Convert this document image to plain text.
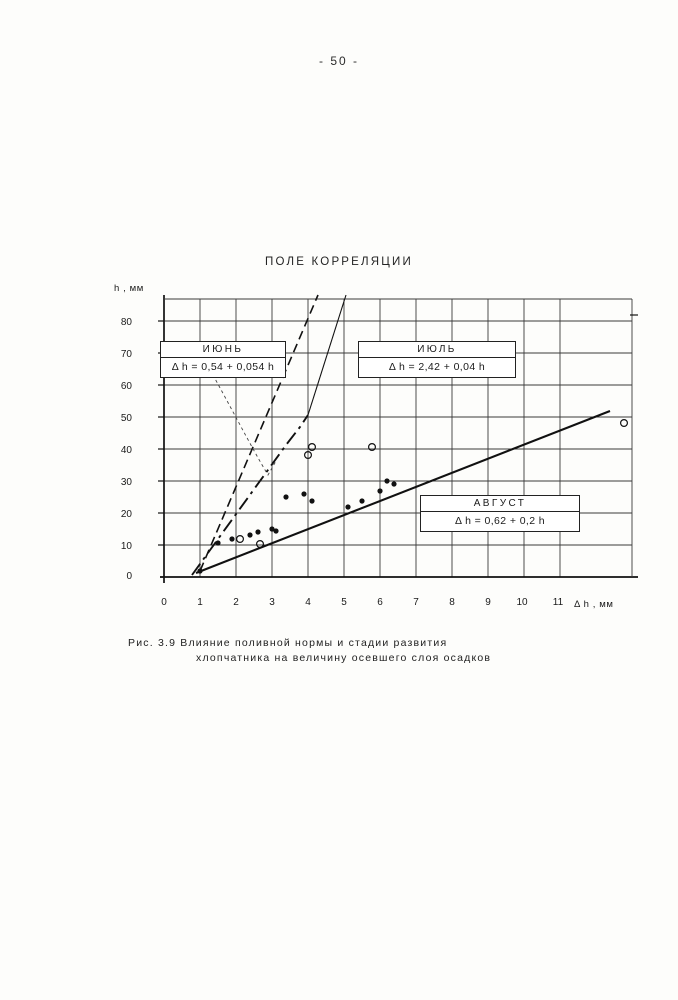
- 50 -
ПОЛЕ КОРРЕЛЯЦИИ
h , мм
Δ h , мм
0
10
20
30
40
50
60
70
80
0	1	2	3	4	5	6	7	8	9	10	11
ИЮНЬ
Δ h = 0,54 + 0,054 h
ИЮЛЬ
Δ h = 2,42 + 0,04 h
АВГУСТ
Δ h = 0,62 + 0,2 h
Рис. 3.9 Влияние поливной нормы и стадии развития
хлопчатника на величину осевшего слоя осадков
